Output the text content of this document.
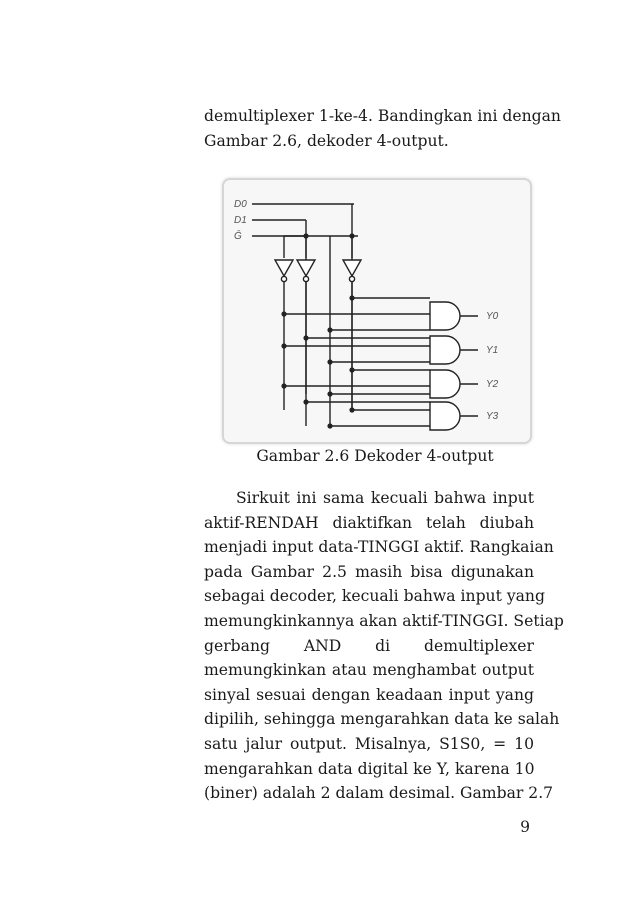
demultiplexer 1-ke-4. Bandingkan ini dengan
Gambar 2.6, dekoder 4-output.
D0
D1
Ḡ
Y0
Y1
Y2
Y3
Gambar 2.6 Dekoder 4-output
Sirkuit ini sama kecuali bahwa input
aktif-RENDAH diaktifkan telah diubah
menjadi input data-TINGGI aktif. Rangkaian
pada Gambar 2.5 masih bisa digunakan
sebagai decoder, kecuali bahwa input yang
memungkinkannya akan aktif-TINGGI. Setiap
gerbang AND di demultiplexer
memungkinkan atau menghambat output
sinyal sesuai dengan keadaan input yang
dipilih, sehingga mengarahkan data ke salah
satu jalur output. Misalnya, S1S0, = 10
mengarahkan data digital ke Y, karena 10
(biner) adalah 2 dalam desimal. Gambar 2.7
9
